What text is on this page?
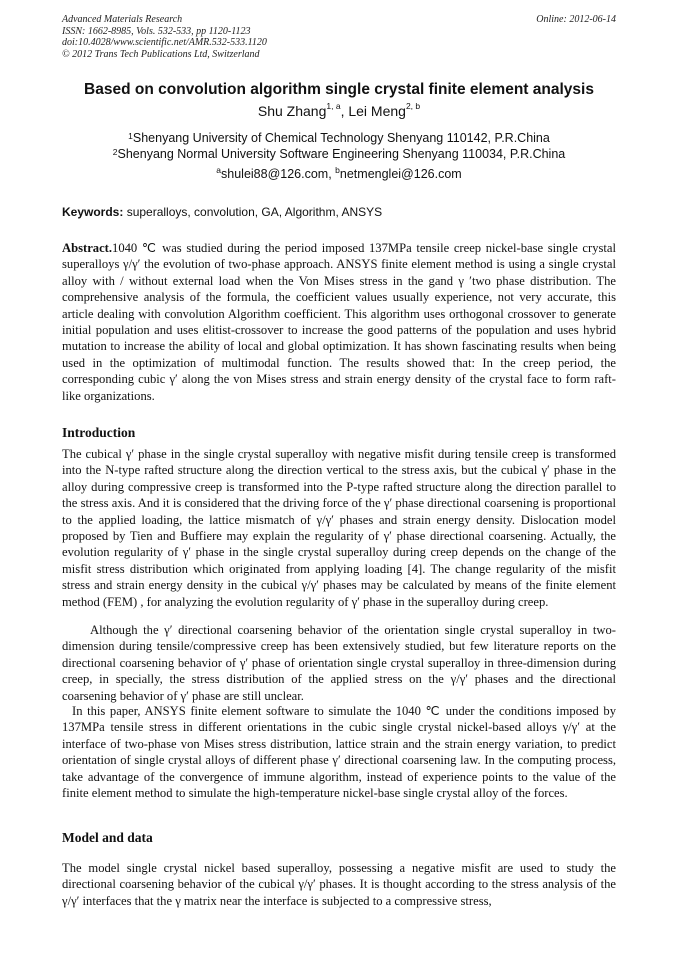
Advanced Materials Research
ISSN: 1662-8985, Vols. 532-533, pp 1120-1123
doi:10.4028/www.scientific.net/AMR.532-533.1120
© 2012 Trans Tech Publications Ltd, Switzerland
Online: 2012-06-14
Based on convolution algorithm single crystal finite element analysis
Shu Zhang$^{1, a}$, Lei Meng$^{2, b}$
$^1$Shenyang University of Chemical Technology Shenyang 110142, P.R.China
$^2$Shenyang Normal University Software Engineering Shenyang 110034, P.R.China
$^a$shulei88@126.com, $^b$netmenglei@126.com
Keywords: superalloys, convolution, GA, Algorithm, ANSYS
Abstract.1040 ℃ was studied during the period imposed 137MPa tensile creep nickel-base single crystal superalloys γ/γ′ the evolution of two-phase approach. ANSYS finite element method is using a single crystal alloy with / without external load when the Von Mises stress in the gand γ ′two phase distribution. The comprehensive analysis of the formula, the coefficient values usually experience, not very accurate, this article dealing with convolution Algorithm coefficient. This algorithm uses orthogonal crossover to generate initial population and uses elitist-crossover to increase the good patterns of the population and uses hybrid mutation to increase the ability of local and global optimization. It has shown fascinating results when being used in the optimization of multimodal function. The results showed that: In the creep period, the corresponding cubic γ′ along the von Mises stress and strain energy density of the crystal face to form raft-like organizations.
Introduction
The cubical γ′ phase in the single crystal superalloy with negative misfit during tensile creep is transformed into the N-type rafted structure along the direction vertical to the stress axis, but the cubical γ′ phase in the alloy during compressive creep is transformed into the P-type rafted structure along the direction parallel to the stress axis. And it is considered that the driving force of the γ′ phase directional coarsening is proportional to the applied loading, the lattice mismatch of γ/γ′ phases and strain energy density. Dislocation model proposed by Tien and Buffiere may explain the regularity of γ′ phase directional coarsening. Actually, the evolution regularity of γ′ phase in the single crystal superalloy during creep depends on the change of the misfit stress distribution which originated from applying loading [4]. The change regularity of the misfit stress and strain energy density in the cubical γ/γ′ phases may be calculated by means of the finite element method (FEM) , for analyzing the evolution regularity of γ′ phase in the superalloy during creep.
Although the γ′ directional coarsening behavior of the orientation single crystal superalloy in two-dimension during tensile/compressive creep has been extensively studied, but few literature reports on the directional coarsening behavior of γ′ phase of orientation single crystal superalloy in three-dimension during creep, in specially, the stress distribution of the applied stress on the γ/γ′ phases and the directional coarsening behavior of γ′ phase are still unclear.
In this paper, ANSYS finite element software to simulate the 1040 ℃ under the conditions imposed by 137MPa tensile stress in different orientations in the cubic single crystal nickel-based alloys γ/γ′ at the interface of two-phase von Mises stress distribution, lattice strain and the strain energy variation, to predict orientation of single crystal alloys of different phase γ′ directional coarsening law. In the computing process, take advantage of the convergence of immune algorithm, instead of experience points to the value of the finite element method to simulate the high-temperature nickel-base single crystal alloy of the forces.
Model and data
The model single crystal nickel based superalloy, possessing a negative misfit are used to study the directional coarsening behavior of the cubical γ/γ′ phases. It is thought according to the stress analysis of the γ/γ′ interfaces that the γ matrix near the interface is subjected to a compressive stress,
